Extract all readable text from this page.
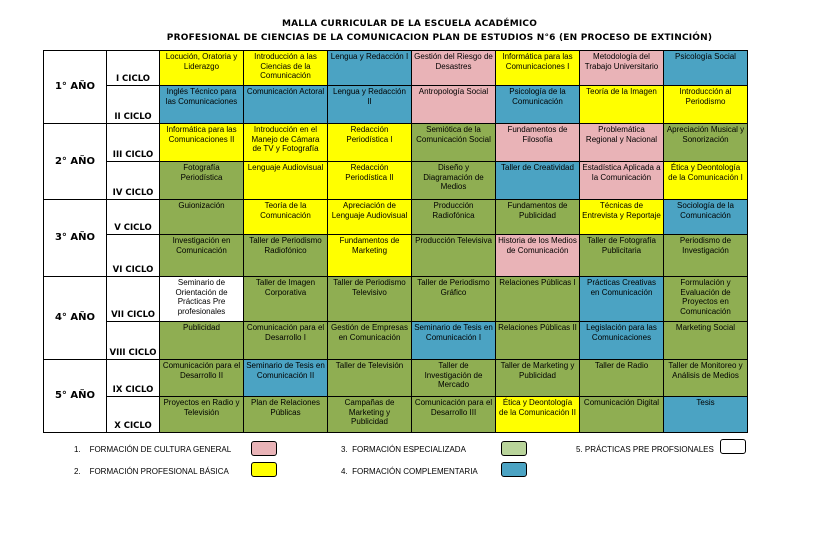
MALLA CURRICULAR DE LA ESCUELA ACADÉMICO
PROFESIONAL DE CIENCIAS DE LA COMUNICACION PLAN DE ESTUDIOS N°6 (EN PROCESO DE EXTINCIÓN)
1° AÑO	I CICLO	Locución, Oratoria y Liderazgo	Introducción a las Ciencias de la Comunicación	Lengua y Redacción I	Gestión del Riesgo de Desastres	Informática para las Comunicaciones I	Metodología del Trabajo Universitario	Psicología Social
	II CICLO	Inglés Técnico para las Comunicaciones	Comunicación Actoral	Lengua y Redacción II	Antropología Social	Psicología de la Comunicación	Teoría de la Imagen	Introducción al Periodismo
2° AÑO	III CICLO	Informática para las Comunicaciones II	Introducción en el Manejo de Cámara de TV y Fotografía	Redacción Periodística I	Semiótica de la Comunicación Social	Fundamentos de Filosofía	Problemática Regional y Nacional	Apreciación Musical y Sonorización
	IV CICLO	Fotografía Periodística	Lenguaje Audiovisual	Redacción Periodística II	Diseño y Diagramación de Medios	Taller de Creatividad	Estadística Aplicada a la Comunicación	Ética y Deontología de la Comunicación I
3° AÑO	V CICLO	Guionización	Teoría de la Comunicación	Apreciación de Lenguaje Audiovisual	Producción Radiofónica	Fundamentos de Publicidad	Técnicas de Entrevista y Reportaje	Sociología de la Comunicación
	VI CICLO	Investigación en Comunicación	Taller de Periodismo Radiofónico	Fundamentos de Marketing	Producción Televisiva	Historia de los Medios de Comunicación	Taller de Fotografía Publicitaria	Periodismo de Investigación
4° AÑO	VII CICLO	Seminario de Orientación de Prácticas Pre profesionales	Taller de Imagen Corporativa	Taller de Periodismo Televisivo	Taller de Periodismo Gráfico	Relaciones Públicas I	Prácticas Creativas en Comunicación	Formulación y Evaluación de Proyectos en Comunicación
	VIII CICLO	Publicidad	Comunicación para el Desarrollo I	Gestión de Empresas en Comunicación	Seminario de Tesis en Comunicación I	Relaciones Públicas II	Legislación para las Comunicaciones	Marketing Social
5° AÑO	IX CICLO	Comunicación para el Desarrollo II	Seminario de Tesis en Comunicación II	Taller de Televisión	Taller de Investigación de Mercado	Taller de Marketing y Publicidad	Taller de Radio	Taller de Monitoreo y Análisis de Medios
	X CICLO	Proyectos en Radio y Televisión	Plan de Relaciones Públicas	Campañas de Marketing y Publicidad	Comunicación para el Desarrollo III	Ética y Deontología de la Comunicación II	Comunicación Digital	Tesis
1. FORMACIÓN DE CULTURA GENERAL
2. FORMACIÓN PROFESIONAL BÁSICA
3. FORMACIÓN ESPECIALIZADA
4. FORMACIÓN COMPLEMENTARIA
5. PRÁCTICAS PRE PROFSIONALES
